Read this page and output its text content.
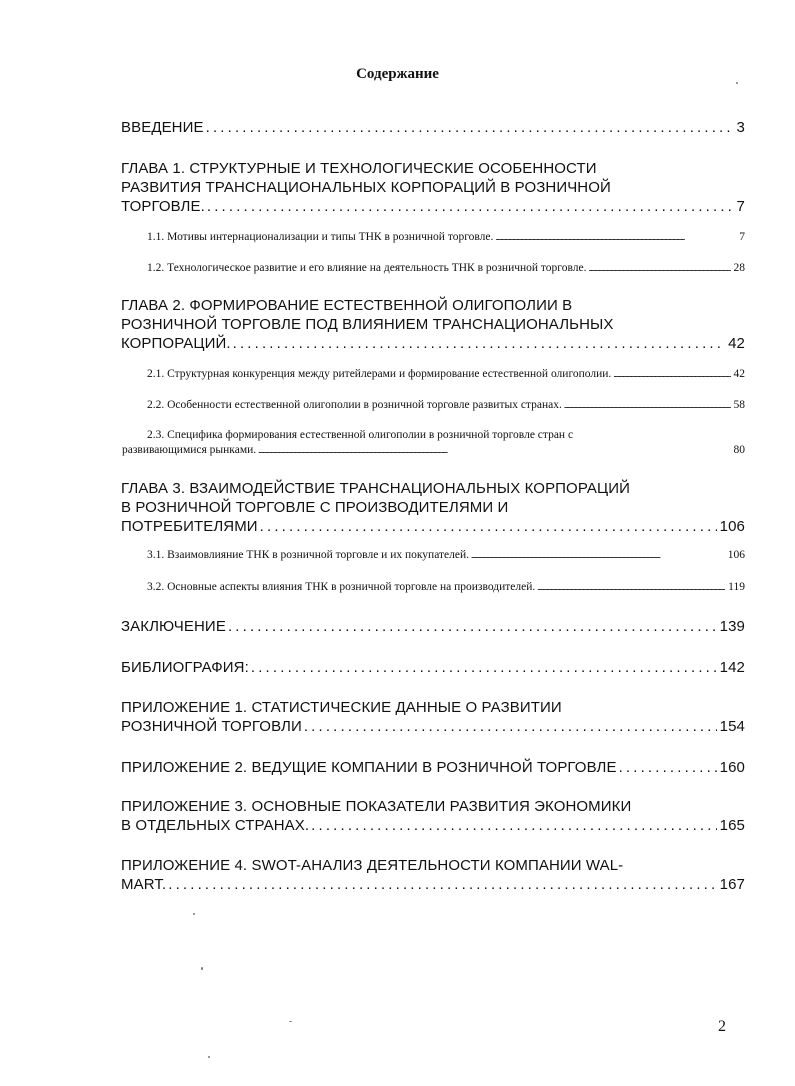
Содержание
ВВЕДЕНИЕ . . .	3
ГЛАВА 1. СТРУКТУРНЫЕ И ТЕХНОЛОГИЧЕСКИЕ ОСОБЕННОСТИ
РАЗВИТИЯ ТРАНСНАЦИОНАЛЬНЫХ КОРПОРАЦИЙ В РОЗНИЧНОЙ
ТОРГОВЛЕ. . . .	7
1.1. Мотивы интернационализации и типы ТНК в розничной торговле. . . .	7
1.2. Технологическое развитие и его влияние на деятельность ТНК в розничной торговле. . . .	28
ГЛАВА 2. ФОРМИРОВАНИЕ ЕСТЕСТВЕННОЙ ОЛИГОПОЛИИ В
РОЗНИЧНОЙ ТОРГОВЛЕ ПОД ВЛИЯНИЕМ ТРАНСНАЦИОНАЛЬНЫХ
КОРПОРАЦИЙ. . . .	42
2.1. Структурная конкуренция между ритейлерами и формирование естественной олигополии. . . .	42
2.2. Особенности естественной олигополии в розничной торговле развитых странах. . . .	58
2.3. Специфика формирования естественной олигополии в розничной торговле стран с
развивающимися рынками. . . .	80
ГЛАВА 3. ВЗАИМОДЕЙСТВИЕ ТРАНСНАЦИОНАЛЬНЫХ КОРПОРАЦИЙ
В РОЗНИЧНОЙ ТОРГОВЛЕ С ПРОИЗВОДИТЕЛЯМИ И
ПОТРЕБИТЕЛЯМИ . . .	106
3.1. Взаимовлияние ТНК в розничной торговле и их покупателей. . . .	106
3.2. Основные аспекты влияния ТНК в розничной торговле на производителей. . . .	119
ЗАКЛЮЧЕНИЕ . . .	139
БИБЛИОГРАФИЯ: . . .	142
ПРИЛОЖЕНИЕ 1. СТАТИСТИЧЕСКИЕ ДАННЫЕ О РАЗВИТИИ
РОЗНИЧНОЙ ТОРГОВЛИ . . .	154
ПРИЛОЖЕНИЕ 2. ВЕДУЩИЕ КОМПАНИИ В РОЗНИЧНОЙ ТОРГОВЛЕ . . .	160
ПРИЛОЖЕНИЕ 3. ОСНОВНЫЕ ПОКАЗАТЕЛИ РАЗВИТИЯ ЭКОНОМИКИ
В ОТДЕЛЬНЫХ СТРАНАХ. . . .	165
ПРИЛОЖЕНИЕ 4. SWOT-АНАЛИЗ ДЕЯТЕЛЬНОСТИ КОМПАНИИ WAL-
MART. . . .	167
2
